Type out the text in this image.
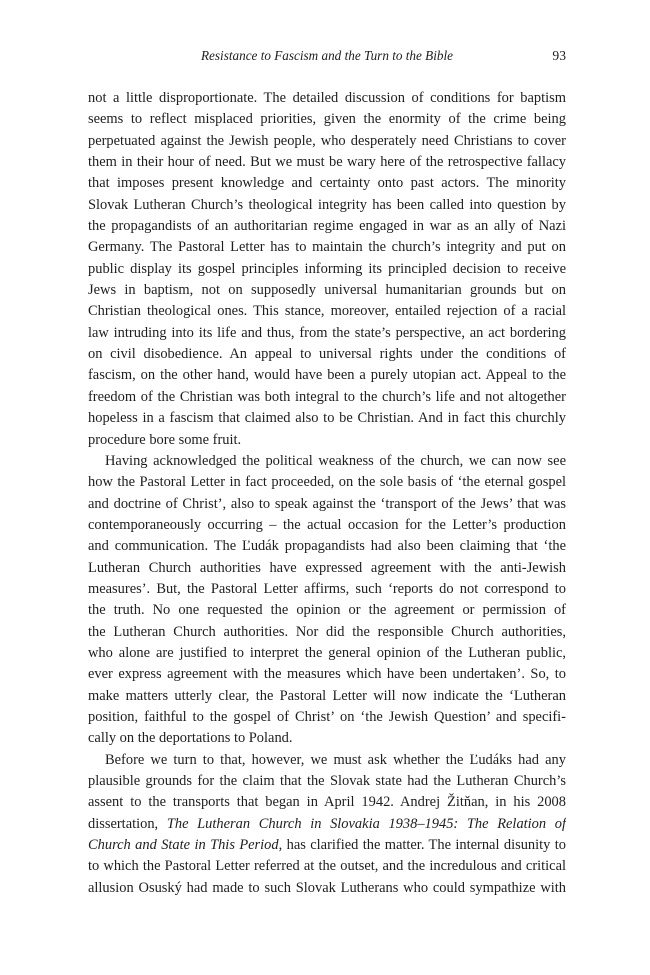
Resistance to Fascism and the Turn to the Bible	93

not a little disproportionate. The detailed discussion of conditions for baptism
seems to reflect misplaced priorities, given the enormity of the crime being
perpetuated against the Jewish people, who desperately need Christians to cover
them in their hour of need. But we must be wary here of the retrospective fallacy
that imposes present knowledge and certainty onto past actors. The minority
Slovak Lutheran Church’s theological integrity has been called into question by
the propagandists of an authoritarian regime engaged in war as an ally of Nazi
Germany. The Pastoral Letter has to maintain the church’s integrity and put on
public display its gospel principles informing its principled decision to receive
Jews in baptism, not on supposedly universal humanitarian grounds but on
Christian theological ones. This stance, moreover, entailed rejection of a racial
law intruding into its life and thus, from the state’s perspective, an act bordering
on civil disobedience. An appeal to universal rights under the conditions of
fascism, on the other hand, would have been a purely utopian act. Appeal to the
freedom of the Christian was both integral to the church’s life and not altogether
hopeless in a fascism that claimed also to be Christian. And in fact this churchly
procedure bore some fruit.

Having acknowledged the political weakness of the church, we can now see
how the Pastoral Letter in fact proceeded, on the sole basis of ‘the eternal gospel
and doctrine of Christ’, also to speak against the ‘transport of the Jews’ that was
contemporaneously occurring – the actual occasion for the Letter’s production
and communication. The Ľudák propagandists had also been claiming that ‘the
Lutheran Church authorities have expressed agreement with the anti-Jewish
measures’. But, the Pastoral Letter affirms, such ‘reports do not correspond to
the truth. No one requested the opinion or the agreement or permission of
the Lutheran Church authorities. Nor did the responsible Church authorities,
who alone are justified to interpret the general opinion of the Lutheran public,
ever express agreement with the measures which have been undertaken’. So, to
make matters utterly clear, the Pastoral Letter will now indicate the ‘Lutheran
position, faithful to the gospel of Christ’ on ‘the Jewish Question’ and specifi-
cally on the deportations to Poland.

Before we turn to that, however, we must ask whether the Ľudáks had any
plausible grounds for the claim that the Slovak state had the Lutheran Church’s
assent to the transports that began in April 1942. Andrej Žitňan, in his 2008
dissertation, The Lutheran Church in Slovakia 1938–1945: The Relation of
Church and State in This Period, has clarified the matter. The internal disunity to
to which the Pastoral Letter referred at the outset, and the incredulous and critical
allusion Osuský had made to such Slovak Lutherans who could sympathize with
